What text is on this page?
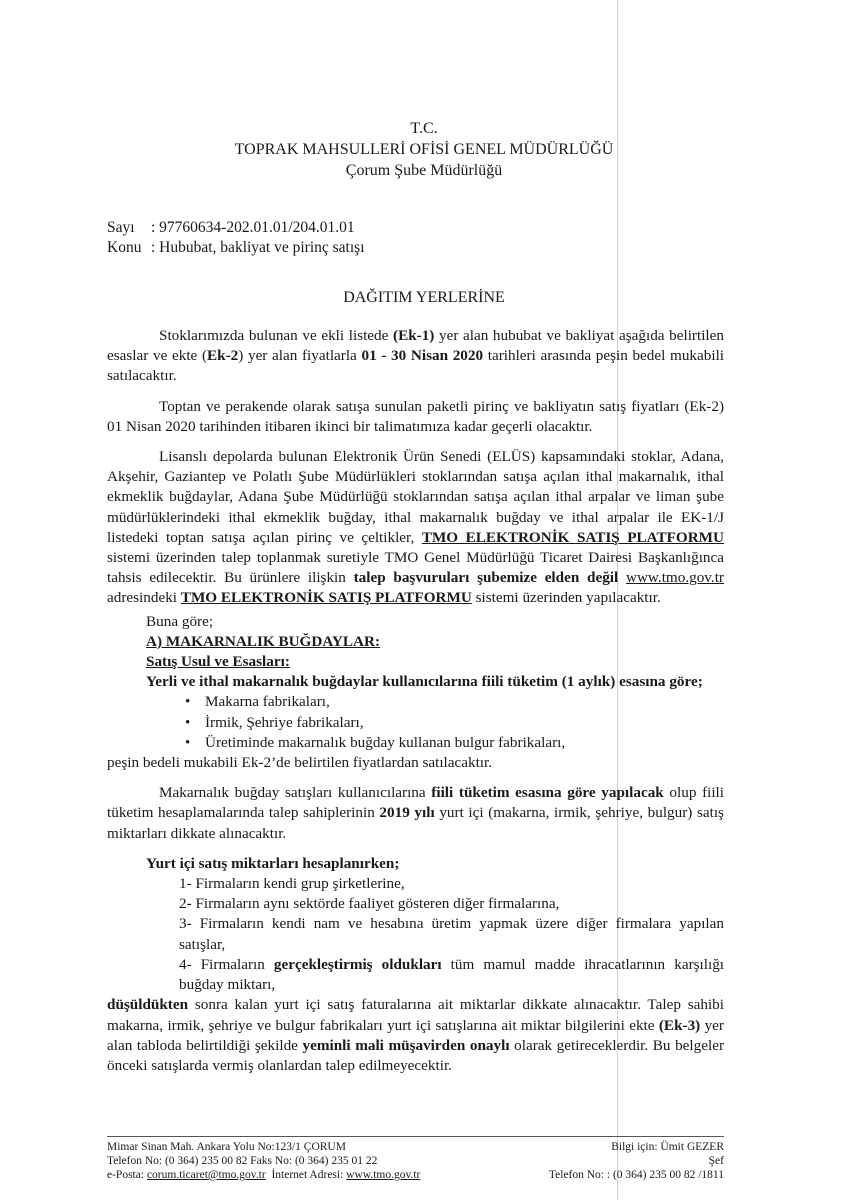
T.C.
TOPRAK MAHSULLERİ OFİSİ GENEL MÜDÜRLÜĞÜ
Çorum Şube Müdürlüğü
Sayı	: 97760634-202.01.01/204.01.01
Konu : Hububat, bakliyat ve pirinç satışı
DAĞITIM YERLERİNE

Stoklarımızda bulunan ve ekli listede (Ek-1) yer alan hububat ve bakliyat aşağıda belirtilen esaslar ve ekte (Ek-2) yer alan fiyatlarla 01 - 30 Nisan 2020 tarihleri arasında peşin bedel mukabili satılacaktır.

Toptan ve perakende olarak satışa sunulan paketli pirinç ve bakliyatın satış fiyatları (Ek-2) 01 Nisan 2020 tarihinden itibaren ikinci bir talimatımıza kadar geçerli olacaktır.

Lisanslı depolarda bulunan Elektronik Ürün Senedi (ELÜS) kapsamındaki stoklar, Adana, Akşehir, Gaziantep ve Polatlı Şube Müdürlükleri stoklarından satışa açılan ithal makarnalık, ithal ekmeklik buğdaylar, Adana Şube Müdürlüğü stoklarından satışa açılan ithal arpalar ve liman şube müdürlüklerindeki ithal ekmeklik buğday, ithal makarnalık buğday ve ithal arpalar ile EK-1/J listedeki toptan satışa açılan pirinç ve çeltikler, TMO ELEKTRONİK SATIŞ PLATFORMU sistemi üzerinden talep toplanmak suretiyle TMO Genel Müdürlüğü Ticaret Dairesi Başkanlığınca tahsis edilecektir. Bu ürünlere ilişkin talep başvuruları şubemize elden değil www.tmo.gov.tr adresindeki TMO ELEKTRONİK SATIŞ PLATFORMU sistemi üzerinden yapılacaktır.

Buna göre;

A) MAKARNALIK BUĞDAYLAR:

Satış Usul ve Esasları:

Yerli ve ithal makarnalık buğdaylar kullanıcılarına fiili tüketim (1 aylık) esasına göre;

• Makarna fabrikaları,
• İrmik, Şehriye fabrikaları,
• Üretiminde makarnalık buğday kullanan bulgur fabrikaları,

peşin bedeli mukabili Ek-2’de belirtilen fiyatlardan satılacaktır.

Makarnalık buğday satışları kullanıcılarına fiili tüketim esasına göre yapılacak olup fiili tüketim hesaplamalarında talep sahiplerinin 2019 yılı yurt içi (makarna, irmik, şehriye, bulgur) satış miktarları dikkate alınacaktır.

Yurt içi satış miktarları hesaplanırken;

1- Firmaların kendi grup şirketlerine,

2- Firmaların aynı sektörde faaliyet gösteren diğer firmalarına,

3- Firmaların kendi nam ve hesabına üretim yapmak üzere diğer firmalara yapılan satışlar,

4- Firmaların gerçekleştirmiş oldukları tüm mamul madde ihracatlarının karşılığı buğday miktarı,

düşüldükten sonra kalan yurt içi satış faturalarına ait miktarlar dikkate alınacaktır. Talep sahibi makarna, irmik, şehriye ve bulgur fabrikaları yurt içi satışlarına ait miktar bilgilerini ekte (Ek-3) yer alan tabloda belirtildiği şekilde yeminli mali müşavirden onaylı olarak getireceklerdir. Bu belgeler önceki satışlarda vermiş olanlardan talep edilmeyecektir.

Mimar Sinan Mah. Ankara Yolu No:123/1 ÇORUM	Bilgi için: Ümit GEZER
Telefon No: (0 364) 235 00 82 Faks No: (0 364) 235 01 22	Şef
e-Posta: corum.ticaret@tmo.gov.tr İnternet Adresi: www.tmo.gov.tr	Telefon No: : (0 364) 235 00 82 /1811
